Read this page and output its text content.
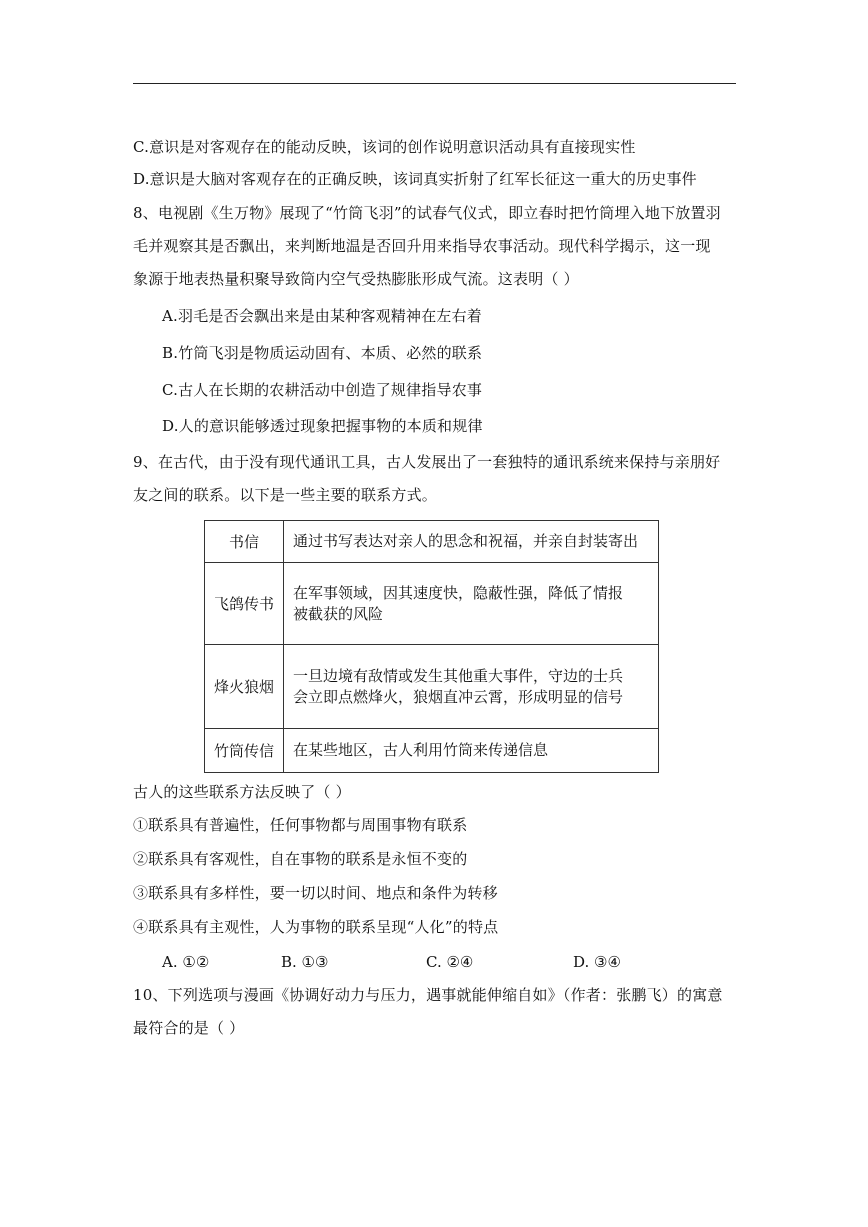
C.意识是对客观存在的能动反映，该词的创作说明意识活动具有直接现实性
D.意识是大脑对客观存在的正确反映，该词真实折射了红军长征这一重大的历史事件
8、电视剧《生万物》展现了“竹筒飞羽”的试春气仪式，即立春时把竹筒埋入地下放置羽
毛并观察其是否飘出，来判断地温是否回升用来指导农事活动。现代科学揭示，这一现
象源于地表热量积聚导致筒内空气受热膨胀形成气流。这表明（ ）
A.羽毛是否会飘出来是由某种客观精神在左右着
B.竹筒飞羽是物质运动固有、本质、必然的联系
C.古人在长期的农耕活动中创造了规律指导农事
D.人的意识能够透过现象把握事物的本质和规律
9、在古代，由于没有现代通讯工具，古人发展出了一套独特的通讯系统来保持与亲朋好
友之间的联系。以下是一些主要的联系方式。
书信	通过书写表达对亲人的思念和祝福，并亲自封装寄出

飞鸽传书	在军事领域，因其速度快，隐蔽性强，降低了情报
被截获的风险

烽火狼烟	一旦边境有敌情或发生其他重大事件，守边的士兵
会立即点燃烽火，狼烟直冲云霄，形成明显的信号

竹筒传信	在某些地区，古人利用竹筒来传递信息
古人的这些联系方法反映了（ ）
①联系具有普遍性，任何事物都与周围事物有联系
②联系具有客观性，自在事物的联系是永恒不变的
③联系具有多样性，要一切以时间、地点和条件为转移
④联系具有主观性，人为事物的联系呈现“人化”的特点
A. ①②	B. ①③	C. ②④	D. ③④
10、下列选项与漫画《协调好动力与压力，遇事就能伸缩自如》（作者：张鹏飞）的寓意
最符合的是（ ）
